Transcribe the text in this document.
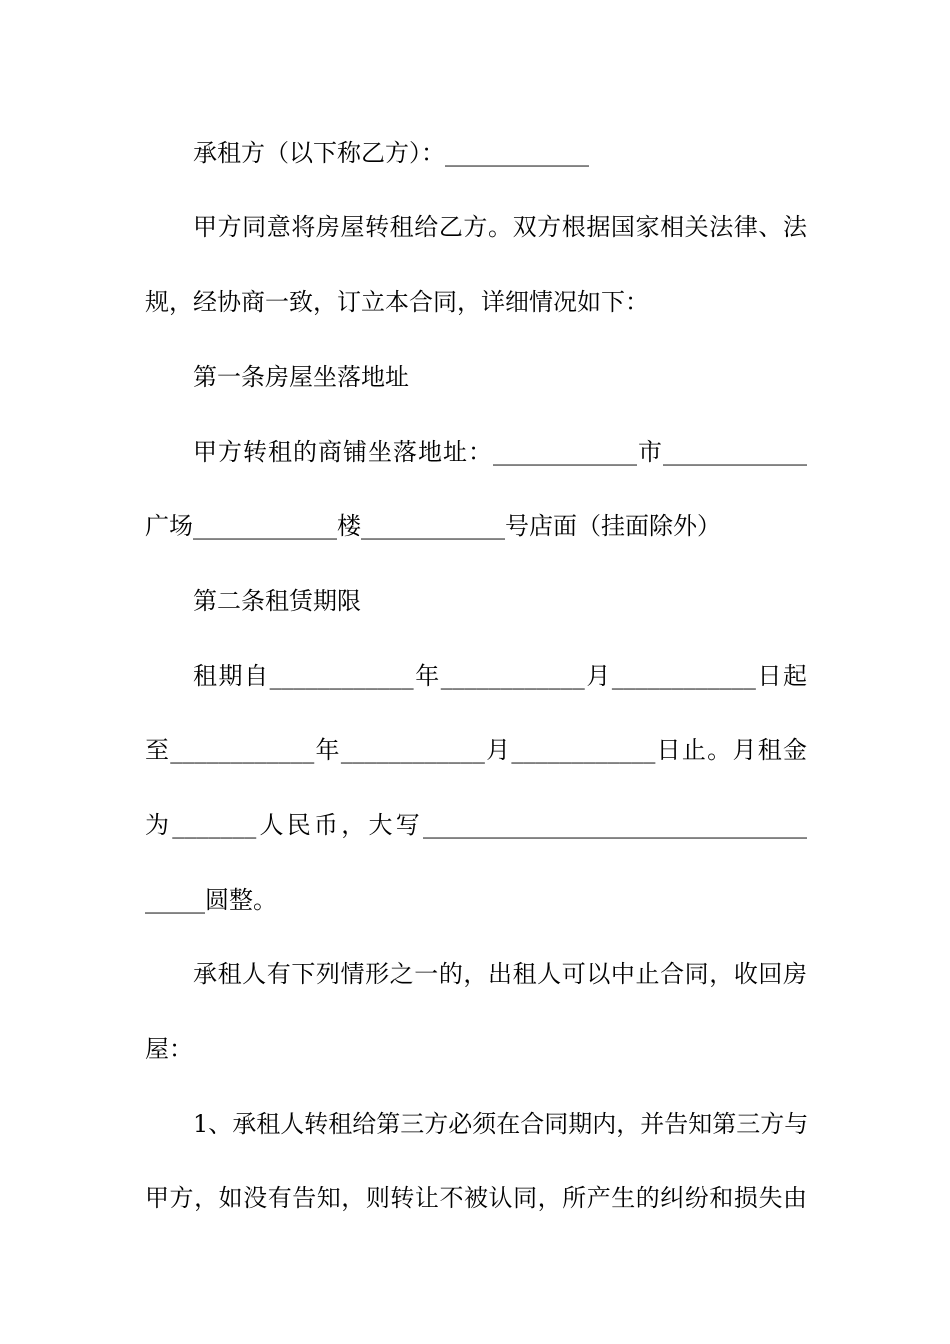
承租方（以下称乙方）：____________
甲方同意将房屋转租给乙方。双方根据国家相关法律、法
规，经协商一致，订立本合同，详细情况如下：
第一条房屋坐落地址
甲方转租的商铺坐落地址：____________市____________
广场____________楼____________号店面（挂面除外）
第二条租赁期限
租期自____________年____________月____________日起
至____________年____________月____________日止。月租金
为_______人民币，大写________________________________
_____圆整。
承租人有下列情形之一的，出租人可以中止合同，收回房
屋：
1、承租人转租给第三方必须在合同期内，并告知第三方与
甲方，如没有告知，则转让不被认同，所产生的纠纷和损失由
